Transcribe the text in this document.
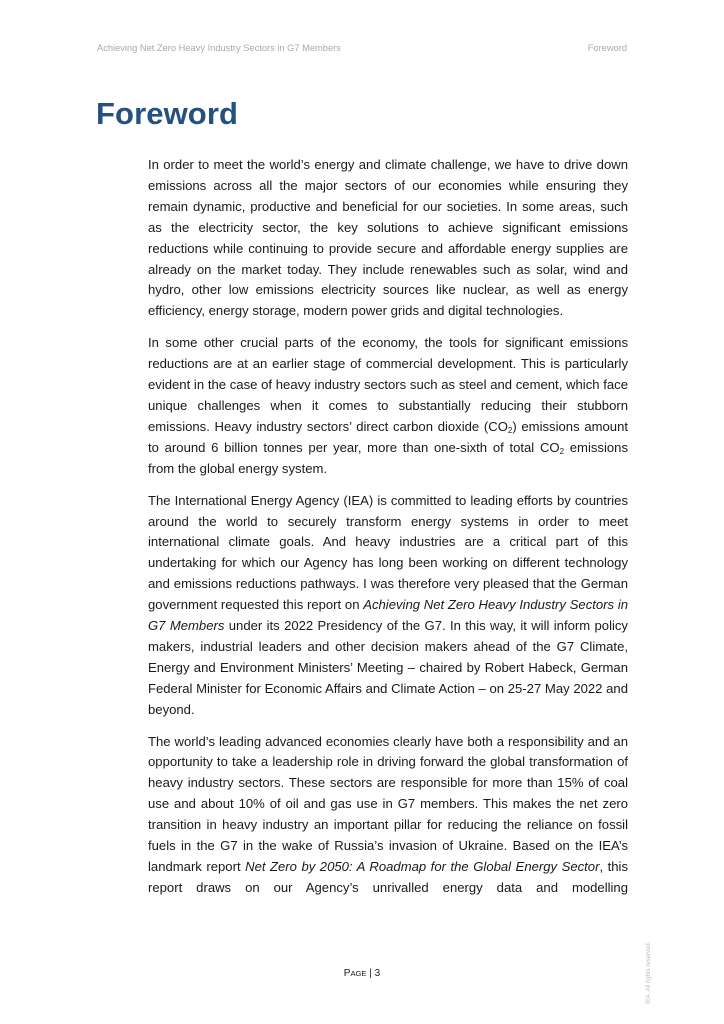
Achieving Net Zero Heavy Industry Sectors in G7 Members	Foreword
Foreword

In order to meet the world’s energy and climate challenge, we have to drive down emissions across all the major sectors of our economies while ensuring they remain dynamic, productive and beneficial for our societies. In some areas, such as the electricity sector, the key solutions to achieve significant emissions reductions while continuing to provide secure and affordable energy supplies are already on the market today. They include renewables such as solar, wind and hydro, other low emissions electricity sources like nuclear, as well as energy efficiency, energy storage, modern power grids and digital technologies.

In some other crucial parts of the economy, the tools for significant emissions reductions are at an earlier stage of commercial development. This is particularly evident in the case of heavy industry sectors such as steel and cement, which face unique challenges when it comes to substantially reducing their stubborn emissions. Heavy industry sectors’ direct carbon dioxide $(CO_2)$ emissions amount to around 6 billion tonnes per year, more than one-sixth of total $CO_2$ emissions from the global energy system.

The International Energy Agency (IEA) is committed to leading efforts by countries around the world to securely transform energy systems in order to meet international climate goals. And heavy industries are a critical part of this undertaking for which our Agency has long been working on different technology and emissions reductions pathways. I was therefore very pleased that the German government requested this report on Achieving Net Zero Heavy Industry Sectors in G7 Members under its 2022 Presidency of the G7. In this way, it will inform policy makers, industrial leaders and other decision makers ahead of the G7 Climate, Energy and Environment Ministers’ Meeting – chaired by Robert Habeck, German Federal Minister for Economic Affairs and Climate Action – on 25-27 May 2022 and beyond.

The world’s leading advanced economies clearly have both a responsibility and an opportunity to take a leadership role in driving forward the global transformation of heavy industry sectors. These sectors are responsible for more than 15% of coal use and about 10% of oil and gas use in G7 members. This makes the net zero transition in heavy industry an important pillar for reducing the reliance on fossil fuels in the G7 in the wake of Russia’s invasion of Ukraine. Based on the IEA’s landmark report Net Zero by 2050: A Roadmap for the Global Energy Sector, this report draws on our Agency’s unrivalled energy data and modelling

PAGE | 3	IEA. All rights reserved.
